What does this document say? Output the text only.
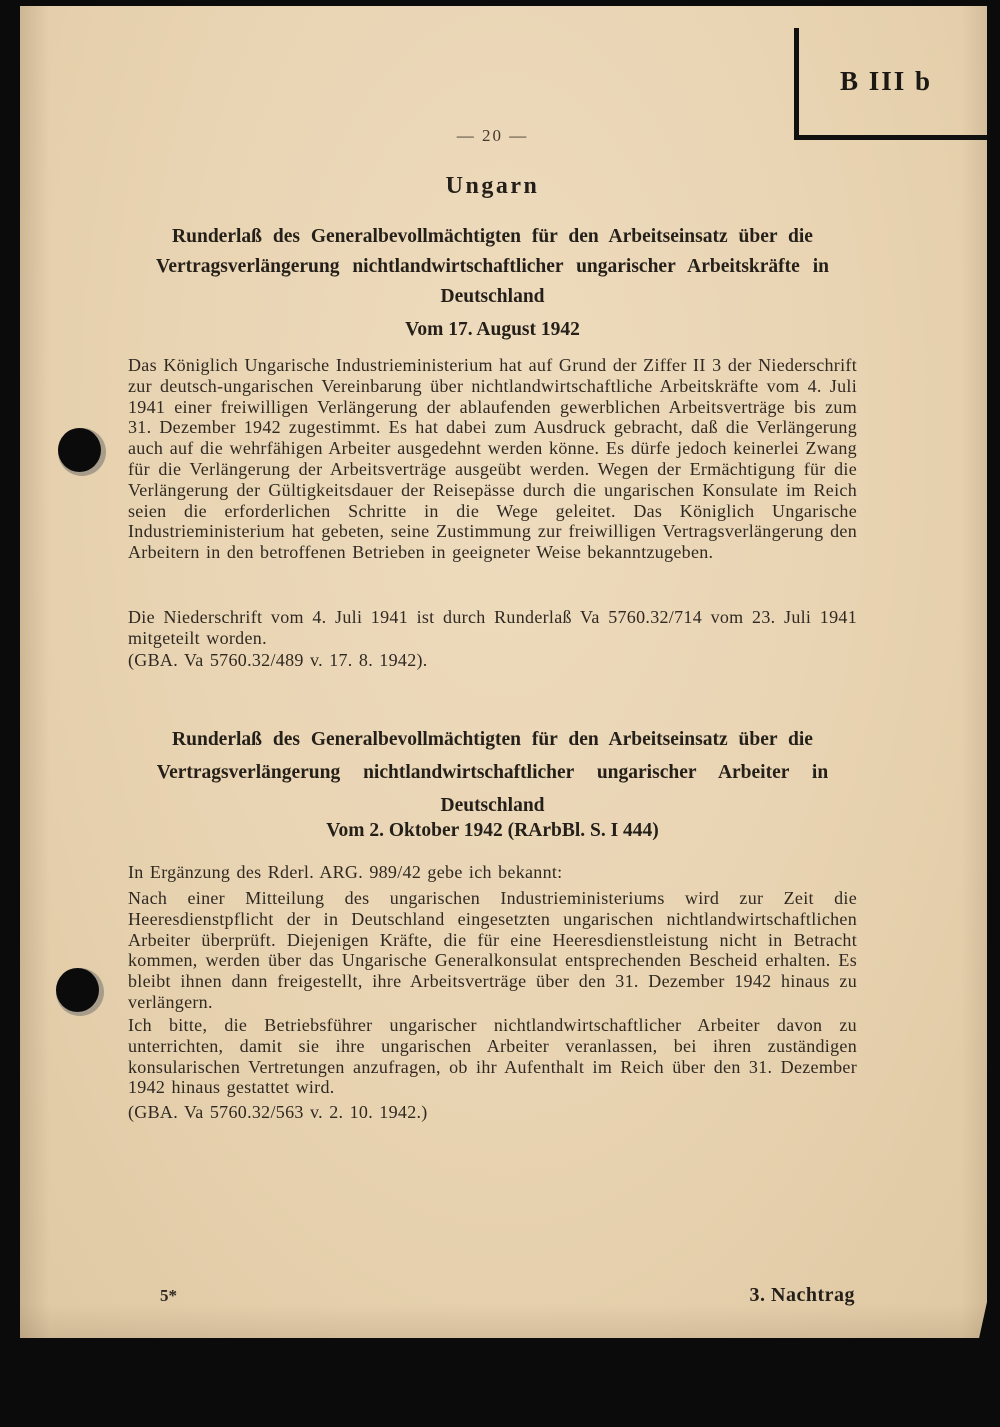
B III b
— 20 —
Ungarn
Runderlaß des Generalbevollmächtigten für den Arbeitseinsatz über die
Vertragsverlängerung nichtlandwirtschaftlicher ungarischer Arbeitskräfte in
Deutschland
Vom 17. August 1942

Das Königlich Ungarische Industrieministerium hat auf Grund der Ziffer II 3 der Niederschrift zur deutsch-ungarischen Vereinbarung über nichtlandwirtschaftliche Arbeitskräfte vom 4. Juli 1941 einer freiwilligen Verlängerung der ablaufenden gewerblichen Arbeitsverträge bis zum 31. Dezember 1942 zugestimmt. Es hat dabei zum Ausdruck gebracht, daß die Verlängerung auch auf die wehrfähigen Arbeiter ausgedehnt werden könne. Es dürfe jedoch keinerlei Zwang für die Verlängerung der Arbeitsverträge ausgeübt werden. Wegen der Ermächtigung für die Verlängerung der Gültigkeitsdauer der Reisepässe durch die ungarischen Konsulate im Reich seien die erforderlichen Schritte in die Wege geleitet. Das Königlich Ungarische Industrieministerium hat gebeten, seine Zustimmung zur freiwilligen Vertragsverlängerung den Arbeitern in den betroffenen Betrieben in geeigneter Weise bekanntzugeben.

Die Niederschrift vom 4. Juli 1941 ist durch Runderlaß Va 5760.32/714 vom 23. Juli 1941 mitgeteilt worden.

(GBA. Va 5760.32/489 v. 17. 8. 1942).

Runderlaß des Generalbevollmächtigten für den Arbeitseinsatz über die
Vertragsverlängerung nichtlandwirtschaftlicher ungarischer Arbeiter in
Deutschland
Vom 2. Oktober 1942 (RArbBl. S. I 444)

In Ergänzung des Rderl. ARG. 989/42 gebe ich bekannt:

Nach einer Mitteilung des ungarischen Industrieministeriums wird zur Zeit die Heeresdienstpflicht der in Deutschland eingesetzten ungarischen nichtlandwirtschaftlichen Arbeiter überprüft. Diejenigen Kräfte, die für eine Heeresdienstleistung nicht in Betracht kommen, werden über das Ungarische Generalkonsulat entsprechenden Bescheid erhalten. Es bleibt ihnen dann freigestellt, ihre Arbeitsverträge über den 31. Dezember 1942 hinaus zu verlängern.

Ich bitte, die Betriebsführer ungarischer nichtlandwirtschaftlicher Arbeiter davon zu unterrichten, damit sie ihre ungarischen Arbeiter veranlassen, bei ihren zuständigen konsularischen Vertretungen anzufragen, ob ihr Aufenthalt im Reich über den 31. Dezember 1942 hinaus gestattet wird.

(GBA. Va 5760.32/563 v. 2. 10. 1942.)

5*	3. Nachtrag
